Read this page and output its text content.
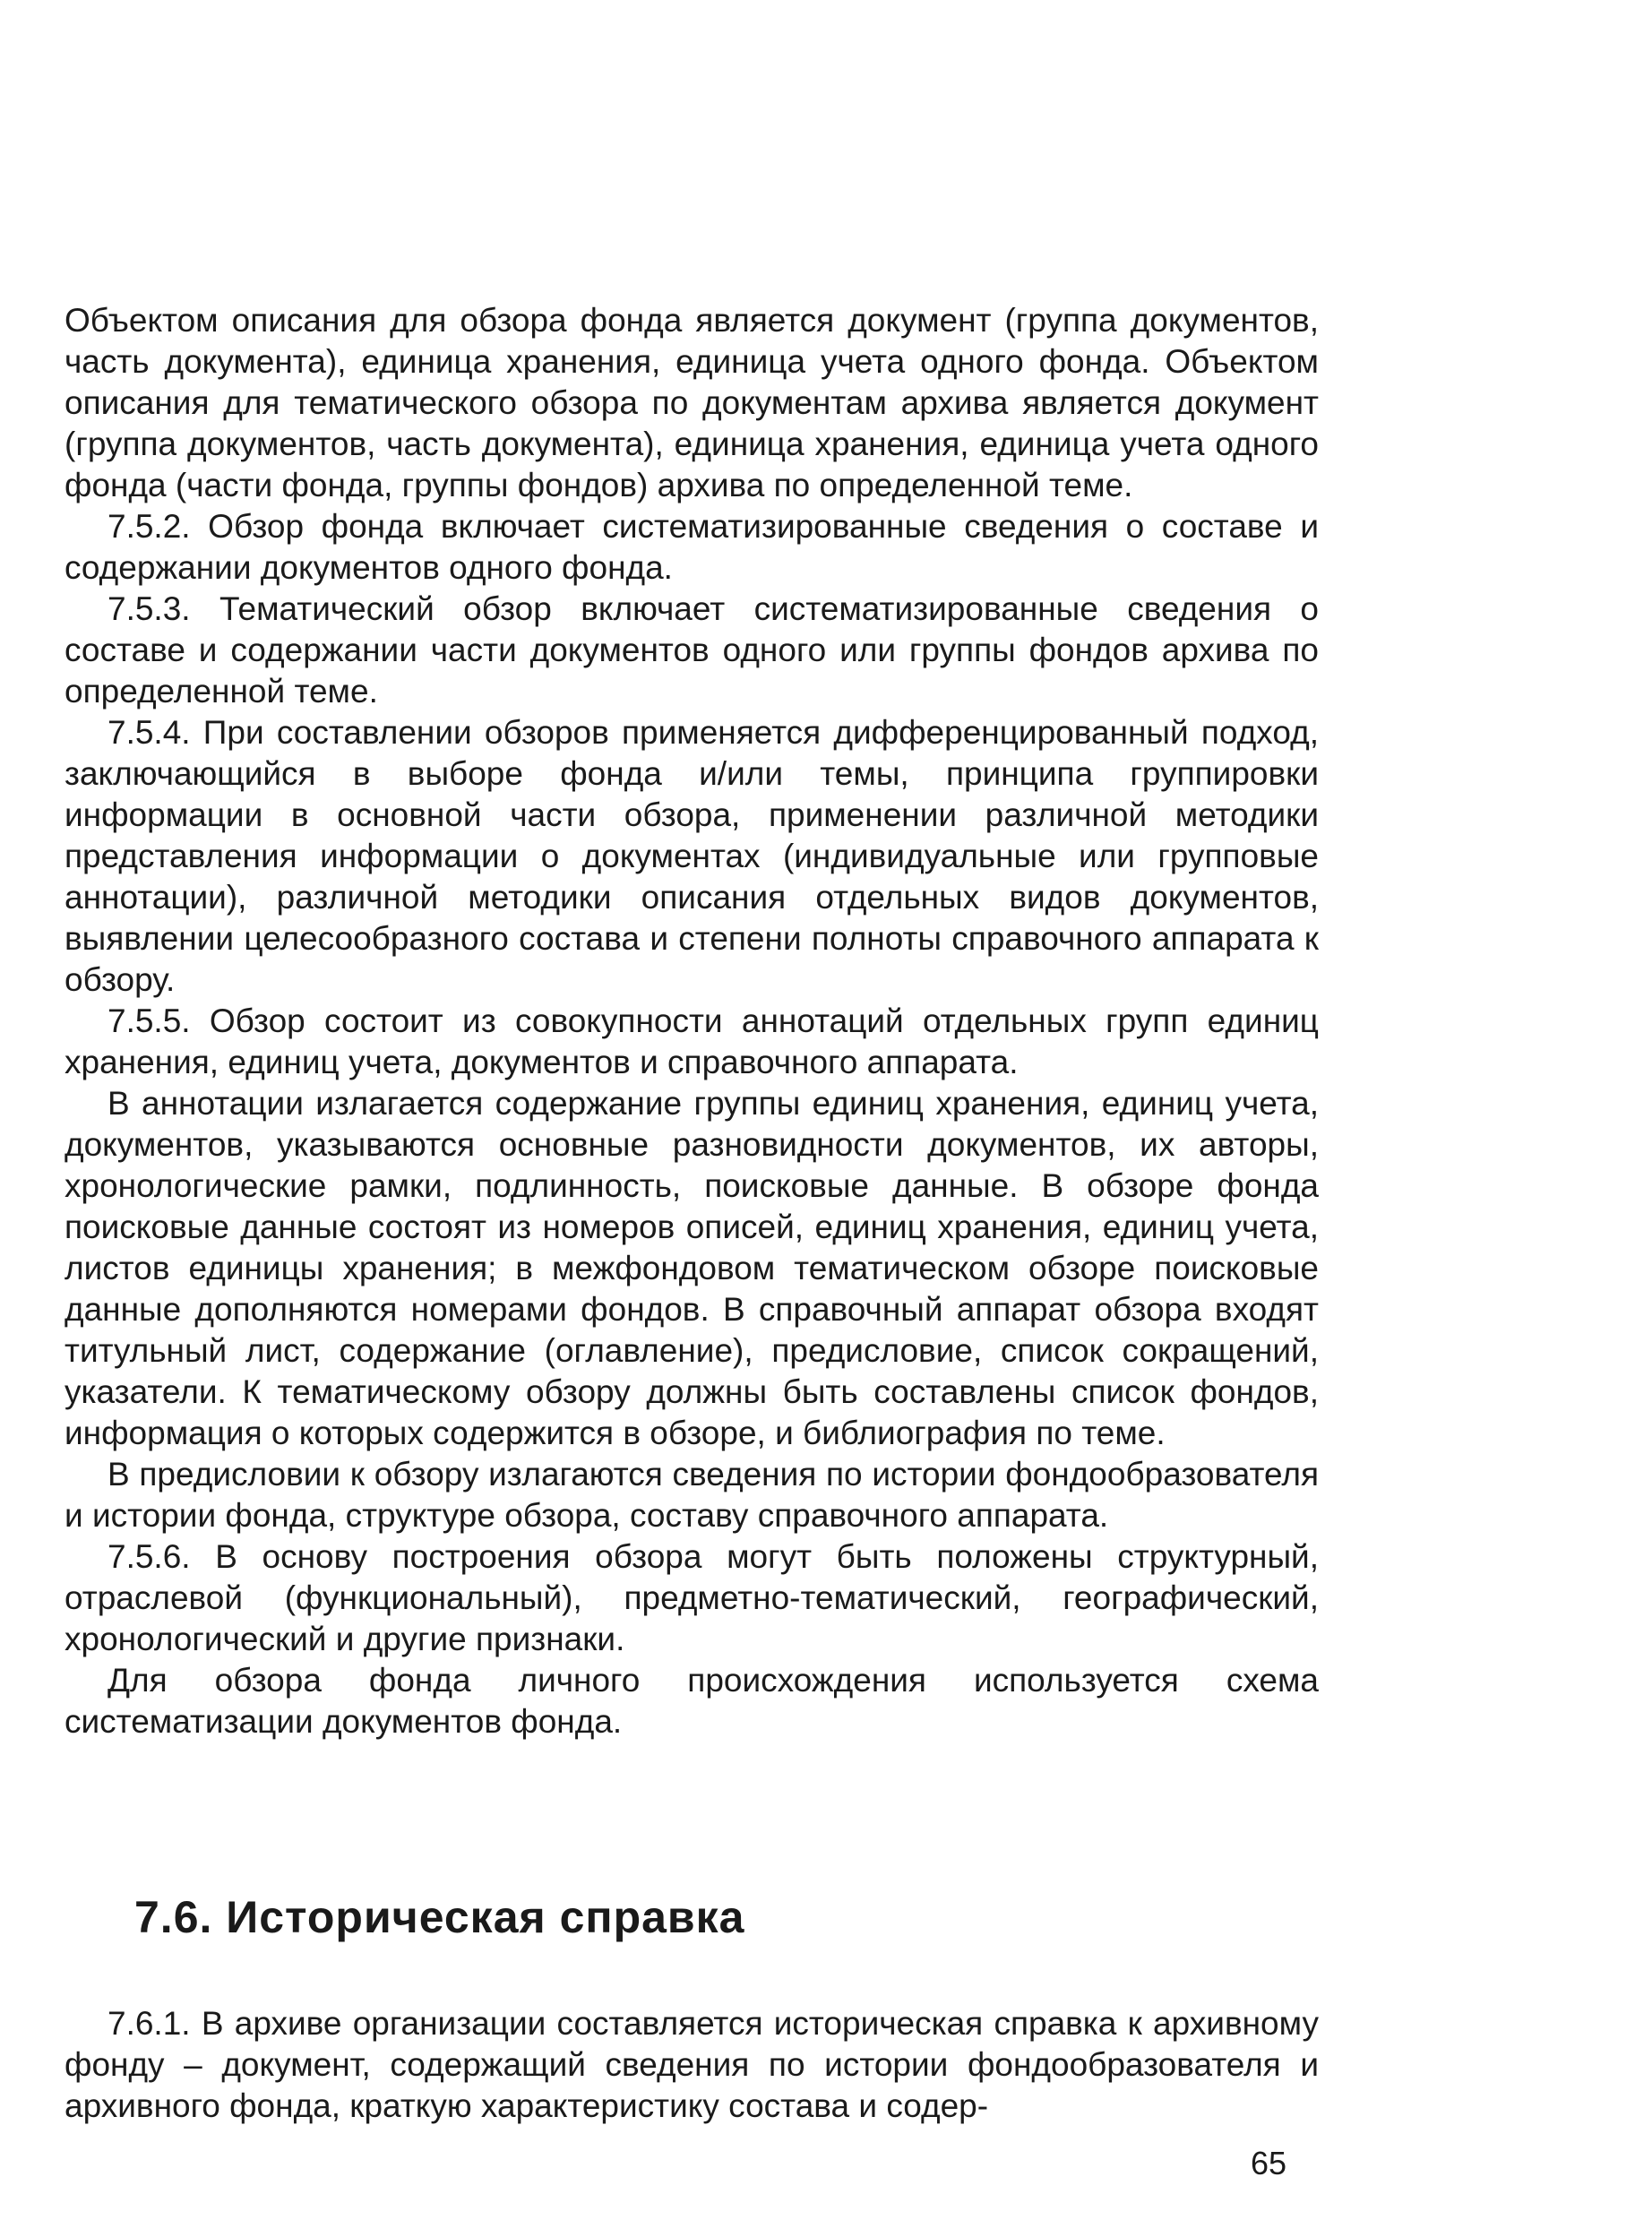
Объектом описания для обзора фонда является документ (группа документов, часть документа), единица хранения, единица учета одного фонда. Объектом описания для тематического обзора по документам архива является документ (группа документов, часть документа), единица хранения, единица учета одного фонда (части фонда, группы фондов) архива по определенной теме.

7.5.2. Обзор фонда включает систематизированные сведения о составе и содержании документов одного фонда.

7.5.3. Тематический обзор включает систематизированные сведения о составе и содержании части документов одного или группы фондов архива по определенной теме.

7.5.4. При составлении обзоров применяется дифференцированный подход, заключающийся в выборе фонда и/или темы, принципа группировки информации в основной части обзора, применении различной методики представления информации о документах (индивидуальные или групповые аннотации), различной методики описания отдельных видов документов, выявлении целесообразного состава и степени полноты справочного аппарата к обзору.

7.5.5. Обзор состоит из совокупности аннотаций отдельных групп единиц хранения, единиц учета, документов и справочного аппарата.

В аннотации излагается содержание группы единиц хранения, единиц учета, документов, указываются основные разновидности документов, их авторы, хронологические рамки, подлинность, поисковые данные. В обзоре фонда поисковые данные состоят из номеров описей, единиц хранения, единиц учета, листов единицы хранения; в межфондовом тематическом обзоре поисковые данные дополняются номерами фондов. В справочный аппарат обзора входят титульный лист, содержание (оглавление), предисловие, список сокращений, указатели. К тематическому обзору должны быть составлены список фондов, информация о которых содержится в обзоре, и библиография по теме.

В предисловии к обзору излагаются сведения по истории фондообразователя и истории фонда, структуре обзора, составу справочного аппарата.

7.5.6. В основу построения обзора могут быть положены структурный, отраслевой (функциональный), предметно-тематический, географический, хронологический и другие признаки.

Для обзора фонда личного происхождения используется схема систематизации документов фонда.

7.6. Историческая справка

7.6.1. В архиве организации составляется историческая справка к архивному фонду – документ, содержащий сведения по истории фондообразователя и архивного фонда, краткую характеристику состава и содер-

65
